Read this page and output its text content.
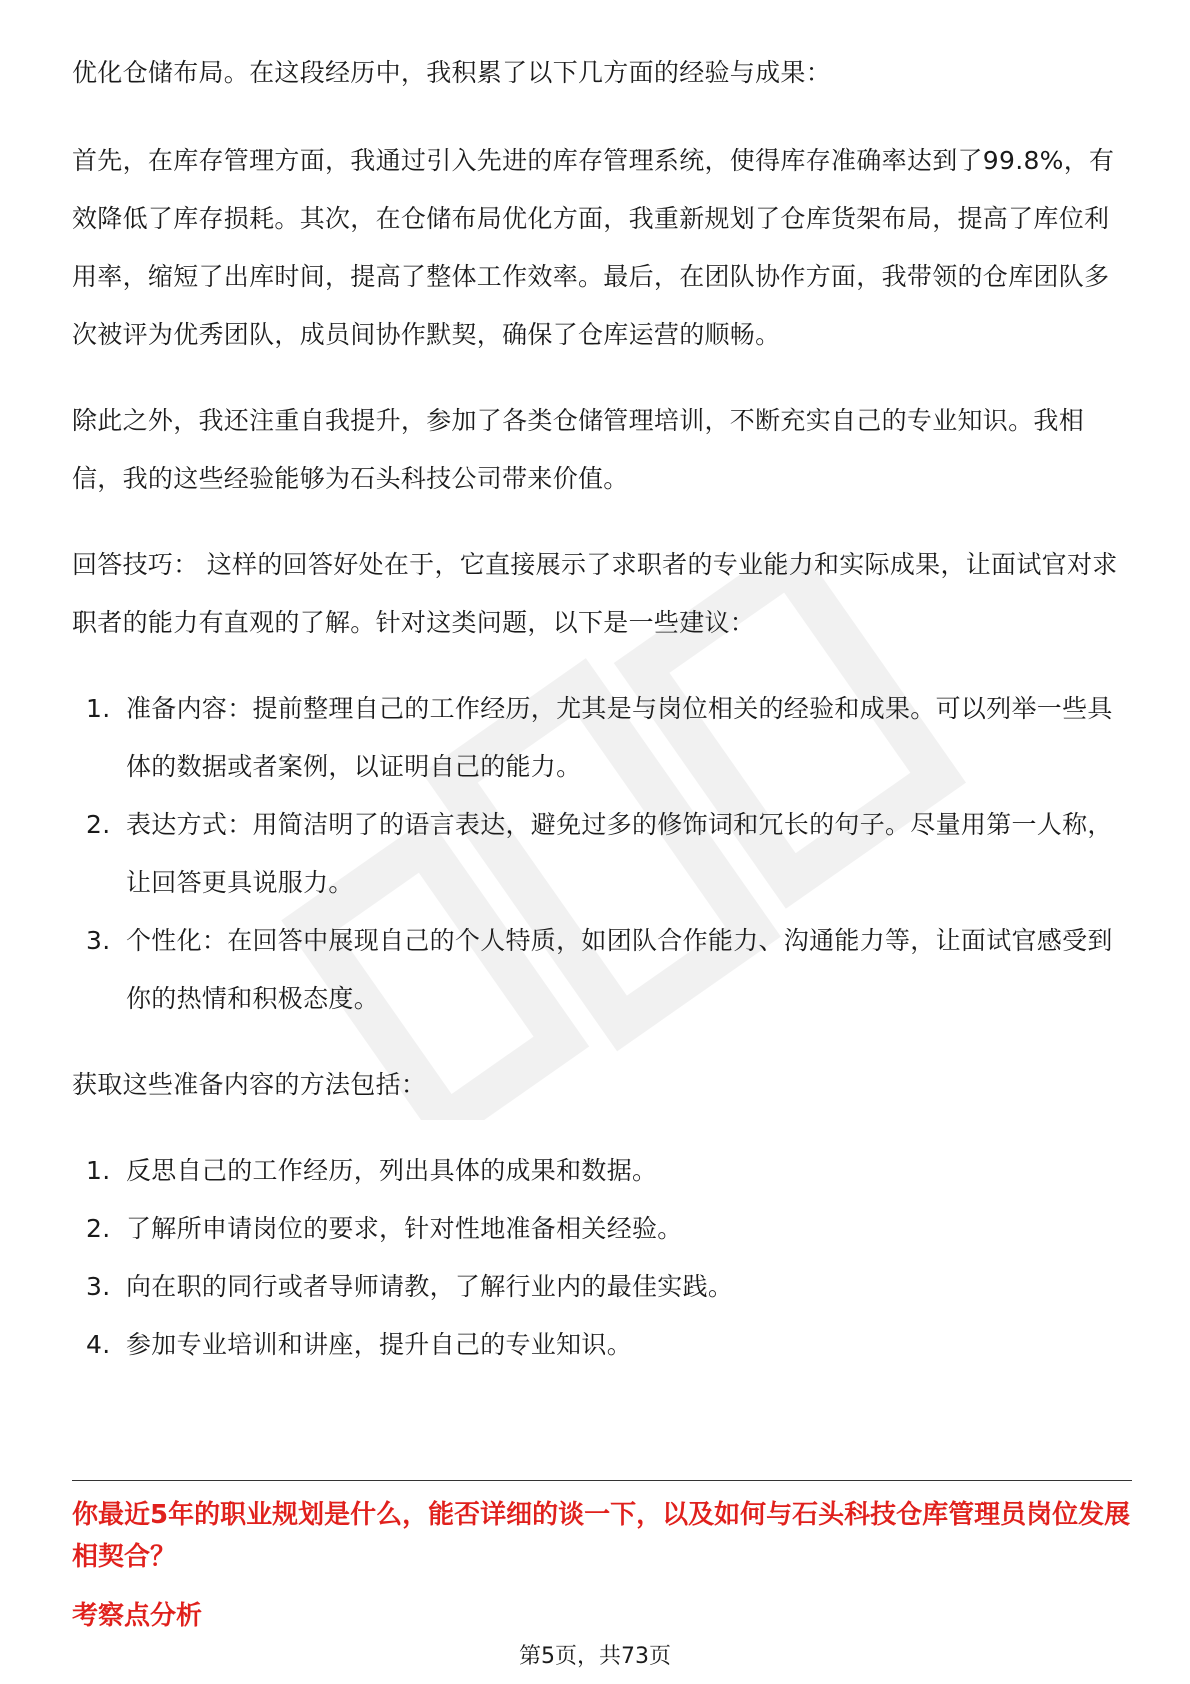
优化仓储布局。在这段经历中，我积累了以下几方面的经验与成果：

首先，在库存管理方面，我通过引入先进的库存管理系统，使得库存准确率达到了99.8%，有效降低了库存损耗。其次，在仓储布局优化方面，我重新规划了仓库货架布局，提高了库位利用率，缩短了出库时间，提高了整体工作效率。最后，在团队协作方面，我带领的仓库团队多次被评为优秀团队，成员间协作默契，确保了仓库运营的顺畅。

除此之外，我还注重自我提升，参加了各类仓储管理培训，不断充实自己的专业知识。我相信，我的这些经验能够为石头科技公司带来价值。

回答技巧： 这样的回答好处在于，它直接展示了求职者的专业能力和实际成果，让面试官对求职者的能力有直观的了解。针对这类问题，以下是一些建议：

1. 准备内容：提前整理自己的工作经历，尤其是与岗位相关的经验和成果。可以列举一些具体的数据或者案例，以证明自己的能力。
2. 表达方式：用简洁明了的语言表达，避免过多的修饰词和冗长的句子。尽量用第一人称，让回答更具说服力。
3. 个性化：在回答中展现自己的个人特质，如团队合作能力、沟通能力等，让面试官感受到你的热情和积极态度。

获取这些准备内容的方法包括：

1. 反思自己的工作经历，列出具体的成果和数据。
2. 了解所申请岗位的要求，针对性地准备相关经验。
3. 向在职的同行或者导师请教，了解行业内的最佳实践。
4. 参加专业培训和讲座，提升自己的专业知识。
你最近5年的职业规划是什么，能否详细的谈一下，以及如何与石头科技仓库管理员岗位发展相契合？
考察点分析
第5页，共73页
